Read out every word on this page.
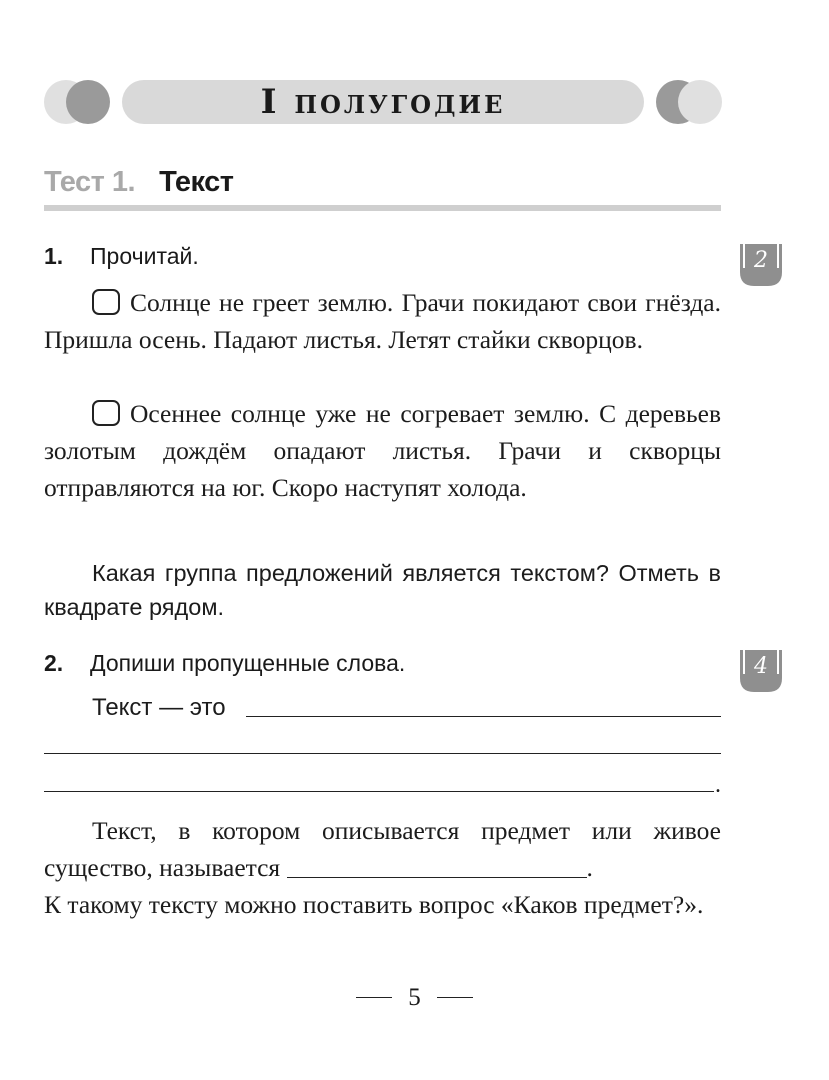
I полугодие
Тест 1. Текст
1. Прочитай.	2
Солнце не греет землю. Грачи покидают свои гнёзда. Пришла осень. Падают листья. Летят стайки скворцов.
Осеннее солнце уже не согревает землю. С деревьев золотым дождём опадают листья. Грачи и скворцы отправляются на юг. Скоро наступят холода.
Какая группа предложений является текстом? Отметь в квадрате рядом.
2. Допиши пропущенные слова.	4
Текст — это
.
Текст, в котором описывается предмет или живое существо, называется	.
К такому тексту можно поставить вопрос «Каков предмет?».
5
